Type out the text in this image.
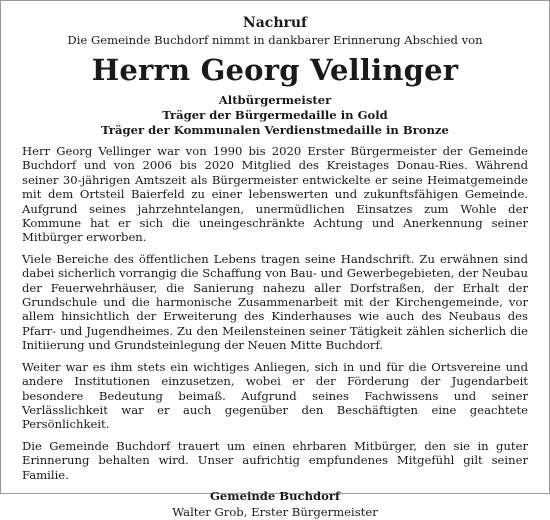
Nachruf

Die Gemeinde Buchdorf nimmt in dankbarer Erinnerung Abschied von

Herrn Georg Vellinger

Altbürgermeister

Träger der Bürgermedaille in Gold

Träger der Kommunalen Verdienstmedaille in Bronze

Herr Georg Vellinger war von 1990 bis 2020 Erster Bürgermeister der Gemeinde Buchdorf und von 2006 bis 2020 Mitglied des Kreistages Donau-Ries. Während seiner 30-jährigen Amtszeit als Bürgermeister entwickelte er seine Heimatgemeinde mit dem Ortsteil Baierfeld zu einer lebenswerten und zukunftsfähigen Gemeinde. Aufgrund seines jahrzehntelangen, unermüdlichen Einsatzes zum Wohle der Kommune hat er sich die uneingeschränkte Achtung und Anerkennung seiner Mitbürger erworben.

Viele Bereiche des öffentlichen Lebens tragen seine Handschrift. Zu erwähnen sind dabei sicherlich vorrangig die Schaffung von Bau- und Gewerbegebieten, der Neubau der Feuerwehrhäuser, die Sanierung nahezu aller Dorfstraßen, der Erhalt der Grundschule und die harmonische Zusammenarbeit mit der Kirchengemeinde, vor allem hinsichtlich der Erweiterung des Kinderhauses wie auch des Neubaus des Pfarr- und Jugendheimes. Zu den Meilensteinen seiner Tätigkeit zählen sicherlich die Initiierung und Grundsteinlegung der Neuen Mitte Buchdorf.

Weiter war es ihm stets ein wichtiges Anliegen, sich in und für die Ortsvereine und andere Institutionen einzusetzen, wobei er der Förderung der Jugendarbeit besondere Bedeutung beimaß. Aufgrund seines Fachwissens und seiner Verlässlichkeit war er auch gegenüber den Beschäftigten eine geachtete Persönlichkeit.

Die Gemeinde Buchdorf trauert um einen ehrbaren Mitbürger, den sie in guter Erinnerung behalten wird. Unser aufrichtig empfundenes Mitgefühl gilt seiner Familie.

Gemeinde Buchdorf

Walter Grob, Erster Bürgermeister
